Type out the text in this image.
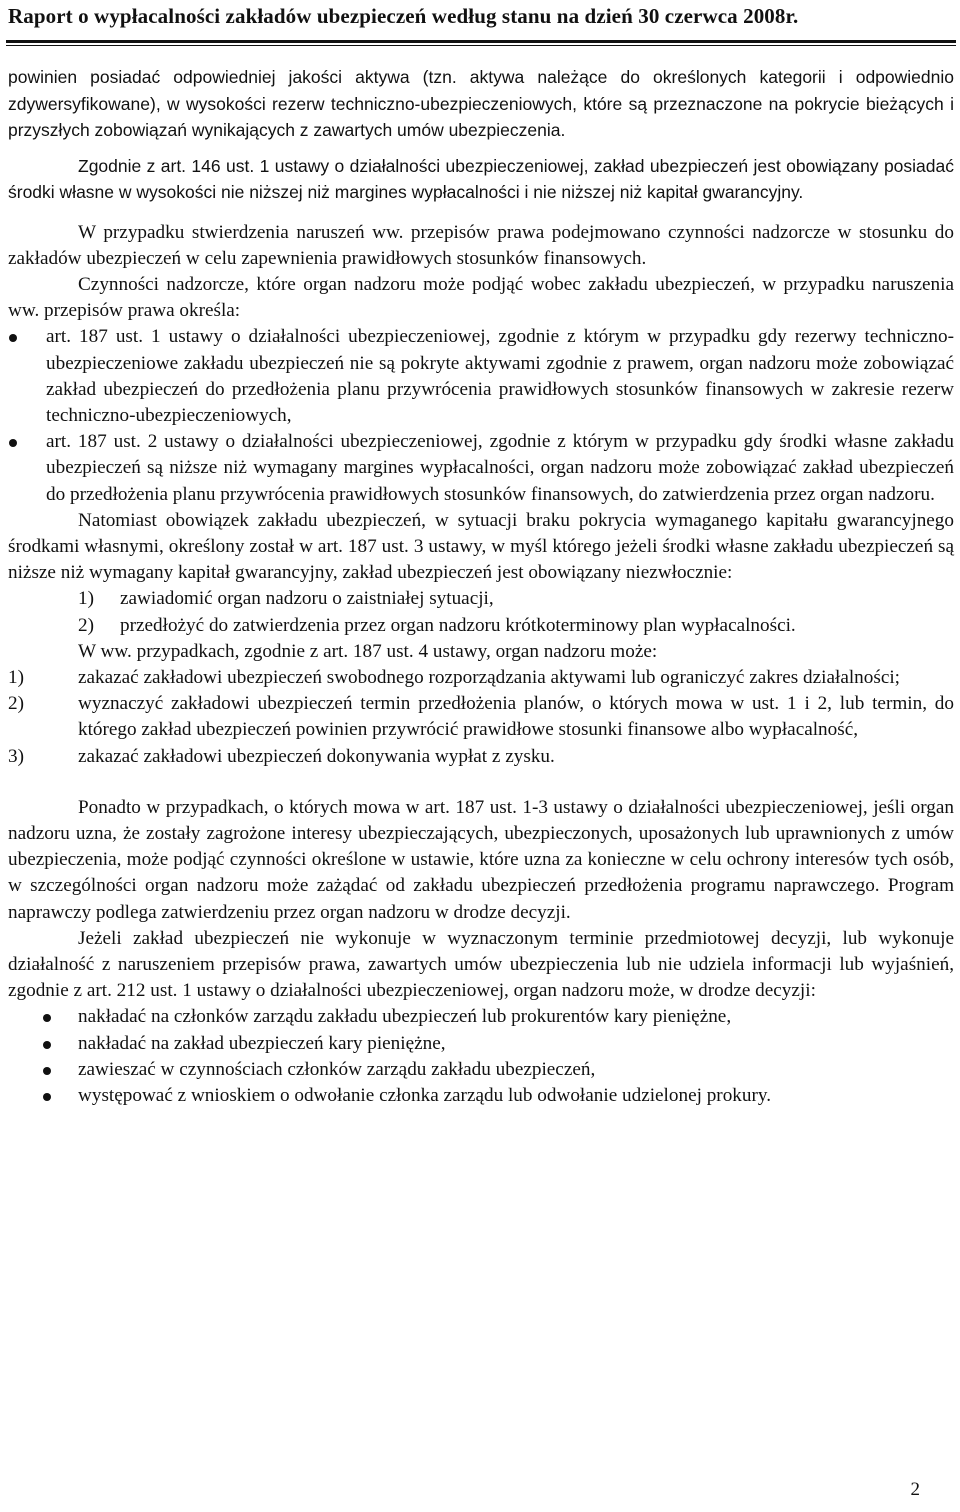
Raport o wypłacalności zakładów ubezpieczeń według stanu na dzień 30 czerwca 2008r.

powinien posiadać odpowiedniej jakości aktywa (tzn. aktywa należące do określonych kategorii i odpowiednio zdywersyfikowane), w wysokości rezerw techniczno-ubezpieczeniowych, które są przeznaczone na pokrycie bieżących i przyszłych zobowiązań wynikających z zawartych umów ubezpieczenia.

Zgodnie z art. 146 ust. 1 ustawy o działalności ubezpieczeniowej, zakład ubezpieczeń jest obowiązany posiadać środki własne w wysokości nie niższej niż margines wypłacalności i nie niższej niż kapitał gwarancyjny.

W przypadku stwierdzenia naruszeń ww. przepisów prawa podejmowano czynności nadzorcze w stosunku do zakładów ubezpieczeń w celu zapewnienia prawidłowych stosunków finansowych.

Czynności nadzorcze, które organ nadzoru może podjąć wobec zakładu ubezpieczeń, w przypadku naruszenia ww. przepisów prawa określa:

art. 187 ust. 1 ustawy o działalności ubezpieczeniowej, zgodnie z którym w przypadku gdy rezerwy techniczno-ubezpieczeniowe zakładu ubezpieczeń nie są pokryte aktywami zgodnie z prawem, organ nadzoru może zobowiązać zakład ubezpieczeń do przedłożenia planu przywrócenia prawidłowych stosunków finansowych w zakresie rezerw techniczno-ubezpieczeniowych,
art. 187 ust. 2 ustawy o działalności ubezpieczeniowej, zgodnie z którym w przypadku gdy środki własne zakładu ubezpieczeń są niższe niż wymagany margines wypłacalności, organ nadzoru może zobowiązać zakład ubezpieczeń do przedłożenia planu przywrócenia prawidłowych stosunków finansowych, do zatwierdzenia przez organ nadzoru.

Natomiast obowiązek zakładu ubezpieczeń, w sytuacji braku pokrycia wymaganego kapitału gwarancyjnego środkami własnymi, określony został w art. 187 ust. 3 ustawy, w myśl którego jeżeli środki własne zakładu ubezpieczeń są niższe niż wymagany kapitał gwarancyjny, zakład ubezpieczeń jest obowiązany niezwłocznie:

1) zawiadomić organ nadzoru o zaistniałej sytuacji,
2) przedłożyć do zatwierdzenia przez organ nadzoru krótkoterminowy plan wypłacalności.

W ww. przypadkach, zgodnie z art. 187 ust. 4 ustawy, organ nadzoru może:

1)	zakazać zakładowi ubezpieczeń swobodnego rozporządzania aktywami lub ograniczyć zakres działalności;
2)	wyznaczyć zakładowi ubezpieczeń termin przedłożenia planów, o których mowa w ust. 1 i 2, lub termin, do którego zakład ubezpieczeń powinien przywrócić prawidłowe stosunki finansowe albo wypłacalność,
3)	zakazać zakładowi ubezpieczeń dokonywania wypłat z zysku.

Ponadto w przypadkach, o których mowa w art. 187 ust. 1-3 ustawy o działalności ubezpieczeniowej, jeśli organ nadzoru uzna, że zostały zagrożone interesy ubezpieczających, ubezpieczonych, uposażonych lub uprawnionych z umów ubezpieczenia, może podjąć czynności określone w ustawie, które uzna za konieczne w celu ochrony interesów tych osób, w szczególności organ nadzoru może zażądać od zakładu ubezpieczeń przedłożenia programu naprawczego. Program naprawczy podlega zatwierdzeniu przez organ nadzoru w drodze decyzji.

Jeżeli zakład ubezpieczeń nie wykonuje w wyznaczonym terminie przedmiotowej decyzji, lub wykonuje działalność z naruszeniem przepisów prawa, zawartych umów ubezpieczenia lub nie udziela informacji lub wyjaśnień, zgodnie z art. 212 ust. 1 ustawy o działalności ubezpieczeniowej, organ nadzoru może, w drodze decyzji:

nakładać na członków zarządu zakładu ubezpieczeń lub prokurentów kary pieniężne,
nakładać na zakład ubezpieczeń kary pieniężne,
zawieszać w czynnościach członków zarządu zakładu ubezpieczeń,
występować z wnioskiem o odwołanie członka zarządu lub odwołanie udzielonej prokury.
2
